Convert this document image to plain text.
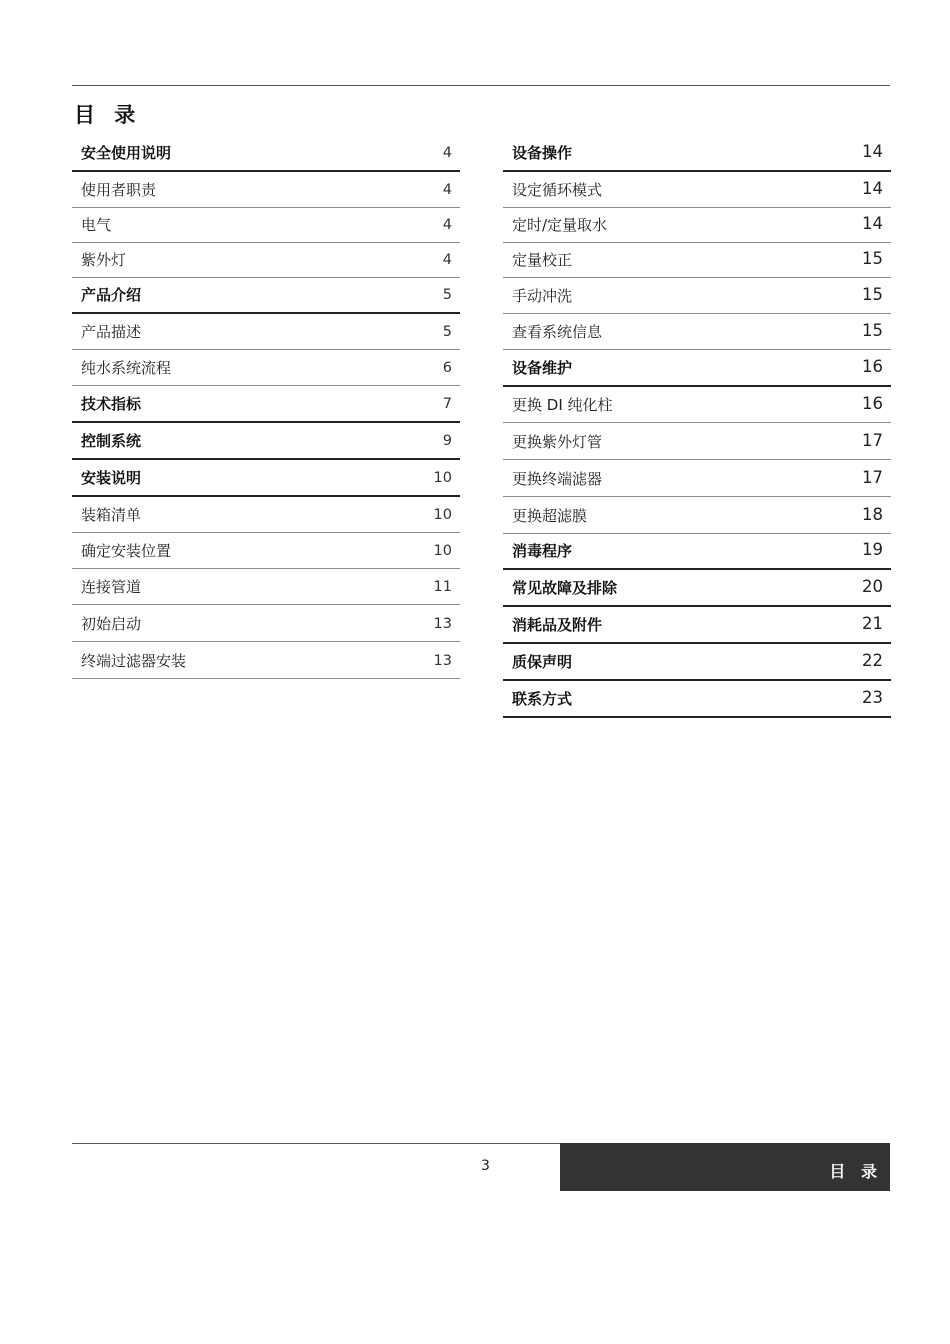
目 录
安全使用说明	4
使用者职责	4
电气	4
紫外灯	4
产品介绍	5
产品描述	5
纯水系统流程	6
技术指标	7
控制系统	9
安装说明	10
装箱清单	10
确定安装位置	10
连接管道	11
初始启动	13
终端过滤器安装	13
设备操作	14
设定循环模式	14
定时/定量取水	14
定量校正	15
手动冲洗	15
查看系统信息	15
设备维护	16
更换 DI 纯化柱	16
更换紫外灯管	17
更换终端滤器	17
更换超滤膜	18
消毒程序	19
常见故障及排除	20
消耗品及附件	21
质保声明	22
联系方式	23
3	目 录
